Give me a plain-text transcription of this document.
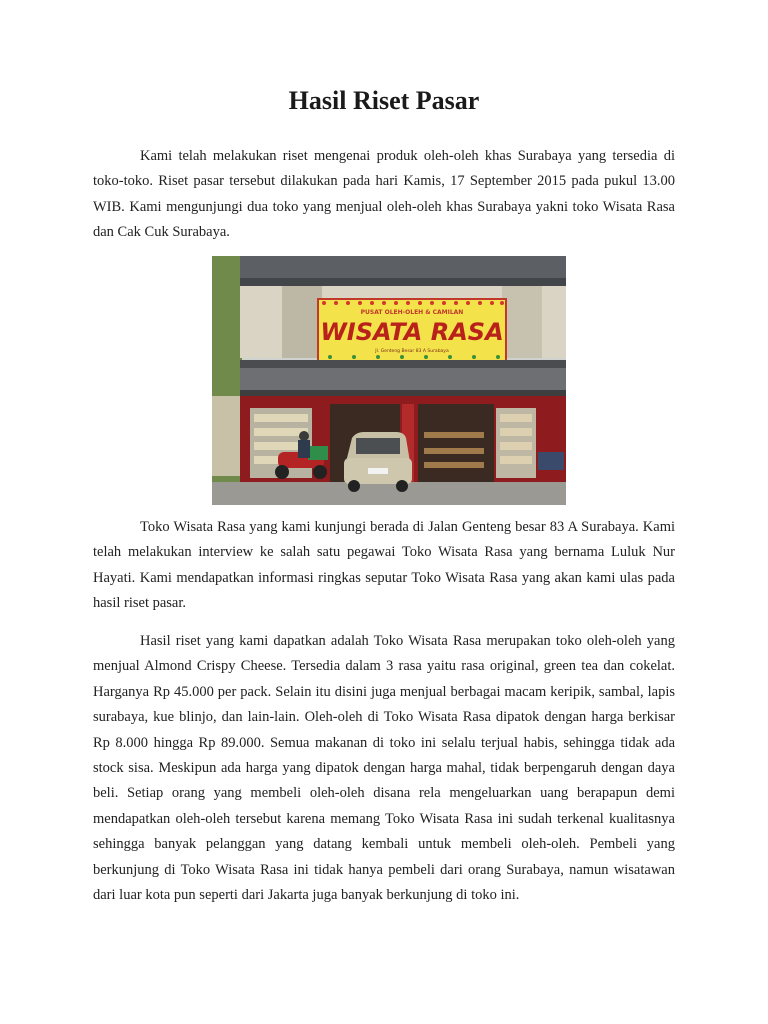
Hasil Riset Pasar

Kami telah melakukan riset mengenai produk oleh-oleh khas Surabaya yang tersedia di toko-toko. Riset pasar tersebut dilakukan pada hari Kamis, 17 September 2015 pada pukul 13.00 WIB. Kami mengunjungi dua toko yang menjual oleh-oleh khas Surabaya yakni toko Wisata Rasa dan Cak Cuk Surabaya.

PUSAT OLEH-OLEH & CAMILAN
WISATA RASA
Jl. Genteng Besar 83 A Surabaya

Toko Wisata Rasa yang kami kunjungi berada di Jalan Genteng besar 83 A Surabaya. Kami telah melakukan interview ke salah satu pegawai Toko Wisata Rasa yang bernama Luluk Nur Hayati. Kami mendapatkan informasi ringkas seputar Toko Wisata Rasa yang akan kami ulas pada hasil riset pasar.

Hasil riset yang kami dapatkan adalah Toko Wisata Rasa merupakan toko oleh-oleh yang menjual Almond Crispy Cheese. Tersedia dalam 3 rasa yaitu rasa original, green tea dan cokelat. Harganya Rp 45.000 per pack. Selain itu disini juga menjual berbagai macam keripik, sambal, lapis surabaya, kue blinjo, dan lain-lain. Oleh-oleh di Toko Wisata Rasa dipatok dengan harga berkisar Rp 8.000 hingga Rp 89.000. Semua makanan di toko ini selalu terjual habis, sehingga tidak ada stock sisa. Meskipun ada harga yang dipatok dengan harga mahal, tidak berpengaruh dengan daya beli. Setiap orang yang membeli oleh-oleh disana rela mengeluarkan uang berapapun demi mendapatkan oleh-oleh tersebut karena memang Toko Wisata Rasa ini sudah terkenal kualitasnya sehingga banyak pelanggan yang datang kembali untuk membeli oleh-oleh. Pembeli yang berkunjung di Toko Wisata Rasa ini tidak hanya pembeli dari orang Surabaya, namun wisatawan dari luar kota pun seperti dari Jakarta juga banyak berkunjung di toko ini.
